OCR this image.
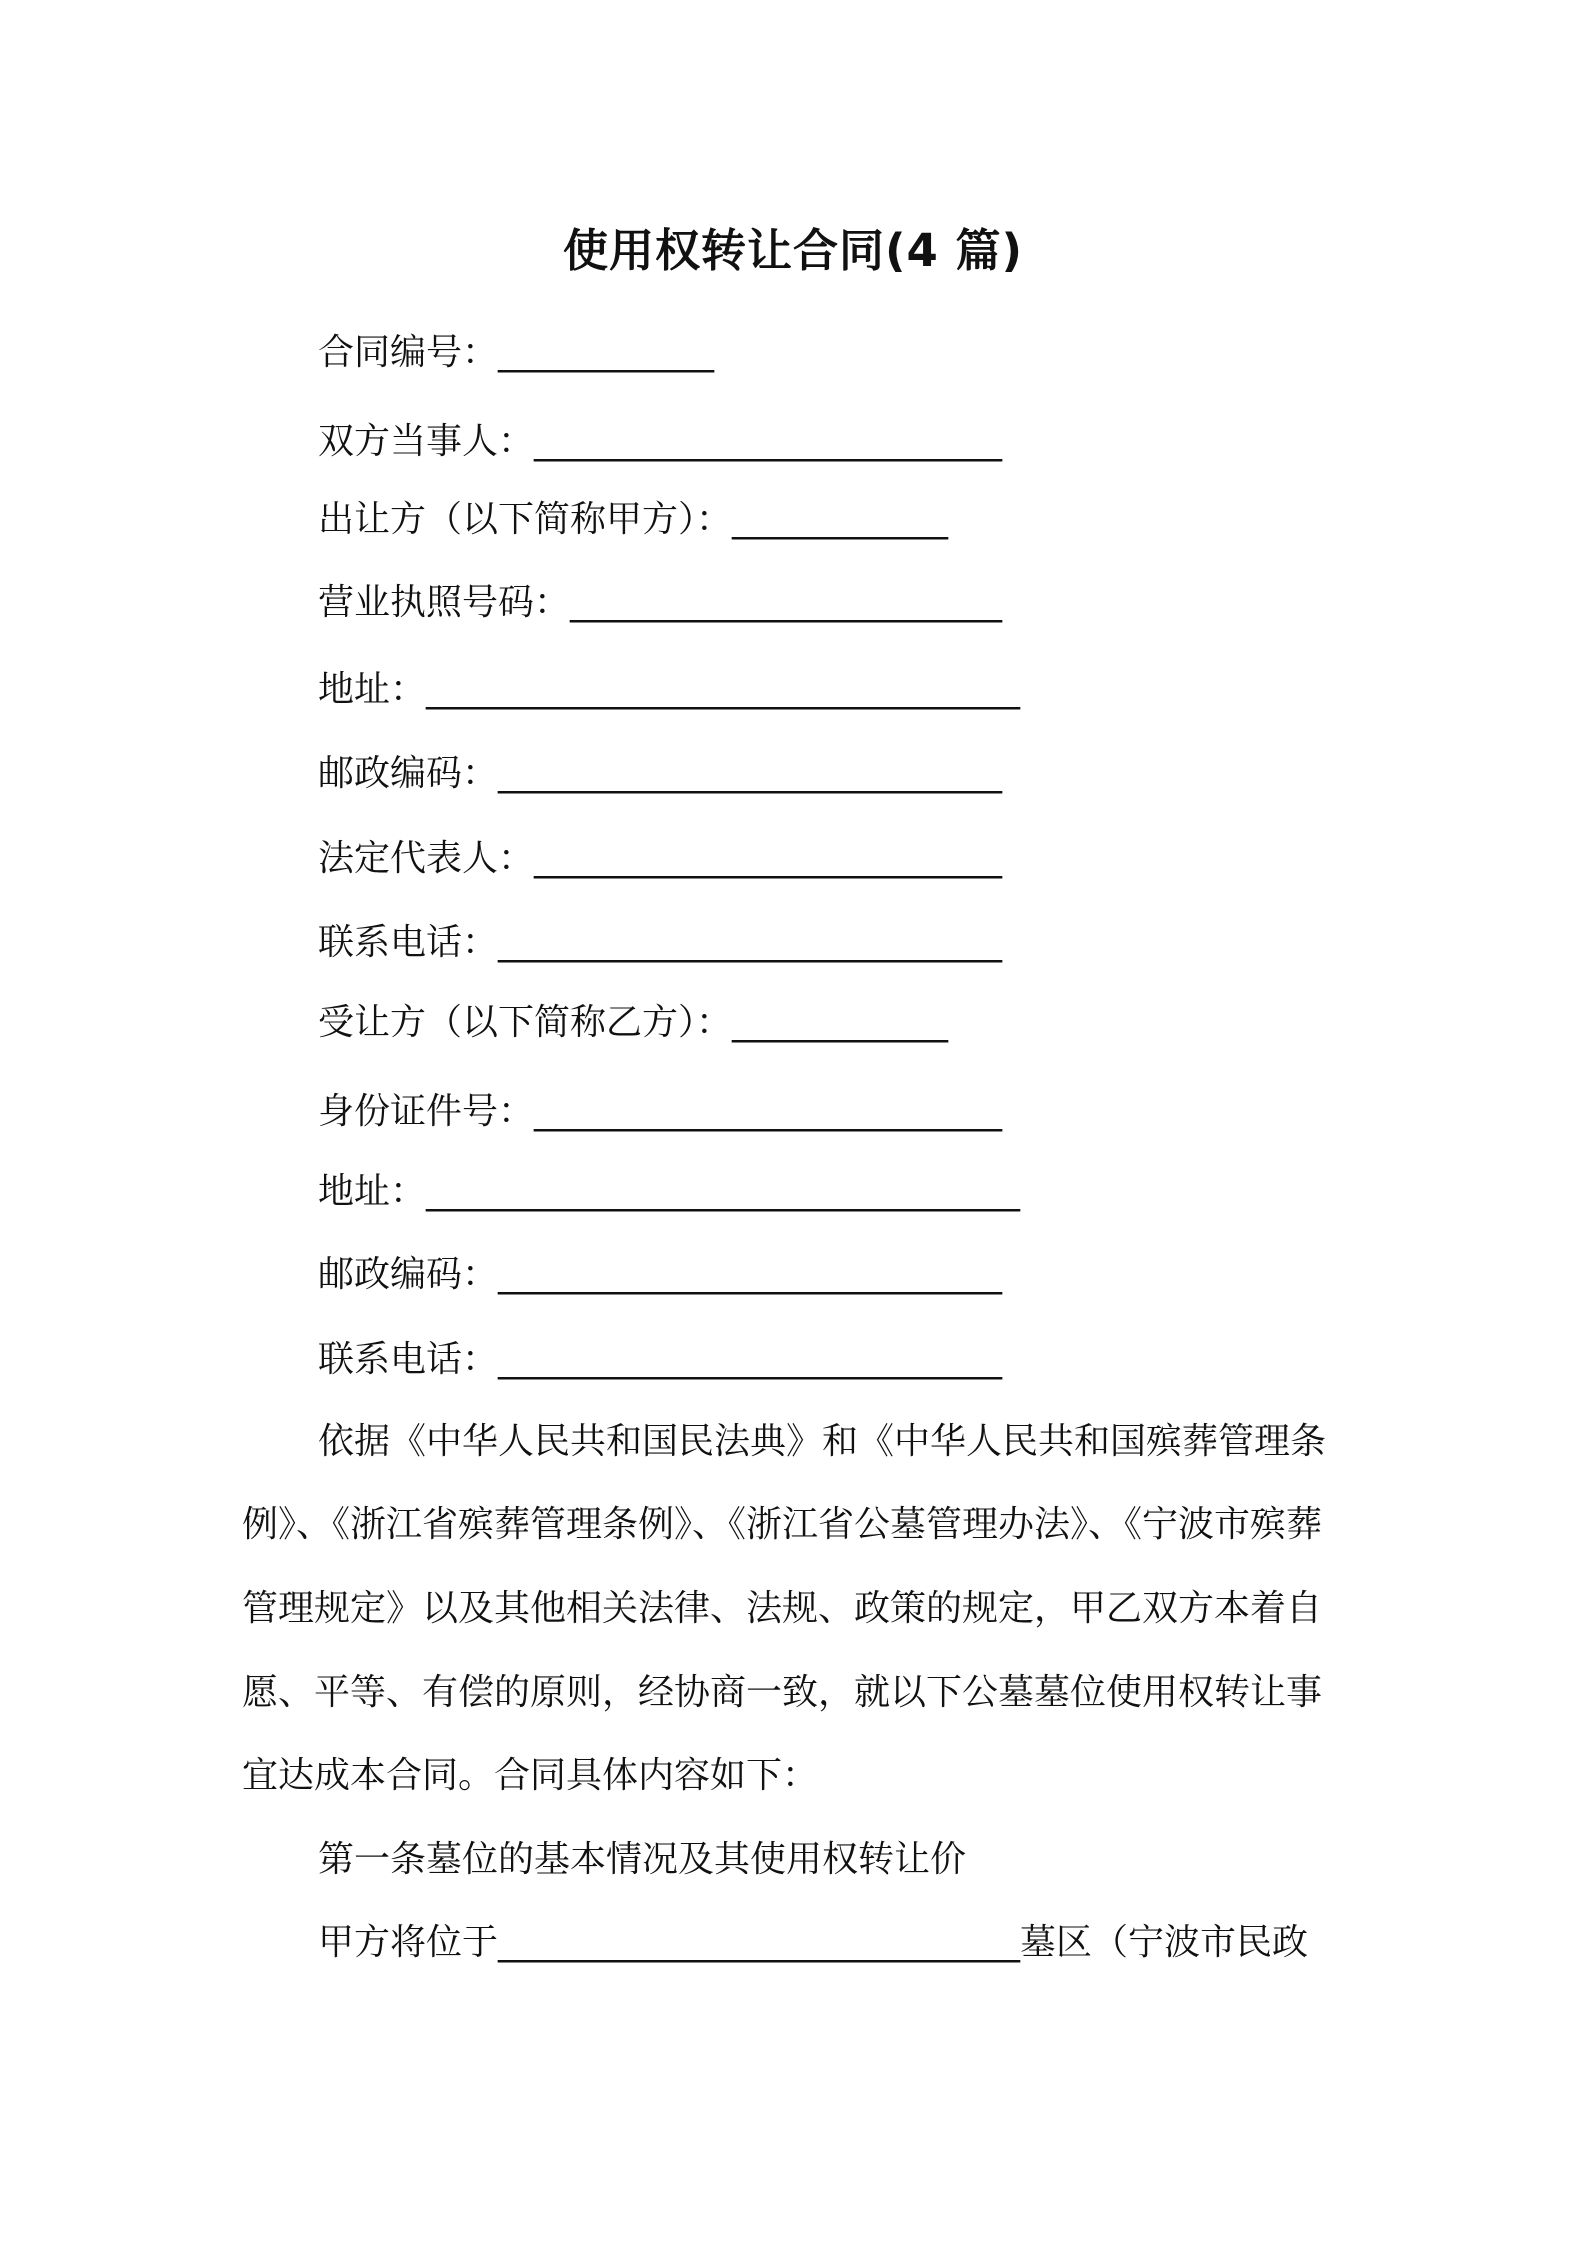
使用权转让合同(4 篇)
合同编号：____________
双方当事人：__________________________
出让方（以下简称甲方）：____________
营业执照号码：________________________
地址：_________________________________
邮政编码：____________________________
法定代表人：__________________________
联系电话：____________________________
受让方（以下简称乙方）：____________
身份证件号：__________________________
地址：_________________________________
邮政编码：____________________________
联系电话：____________________________
依据《中华人民共和国民法典》和《中华人民共和国殡葬管理条
例》、《浙江省殡葬管理条例》、《浙江省公墓管理办法》、《宁波市殡葬
管理规定》以及其他相关法律、法规、政策的规定，甲乙双方本着自
愿、平等、有偿的原则，经协商一致，就以下公墓墓位使用权转让事
宜达成本合同。合同具体内容如下：
第一条墓位的基本情况及其使用权转让价
甲方将位于_____________________________墓区（宁波市民政
